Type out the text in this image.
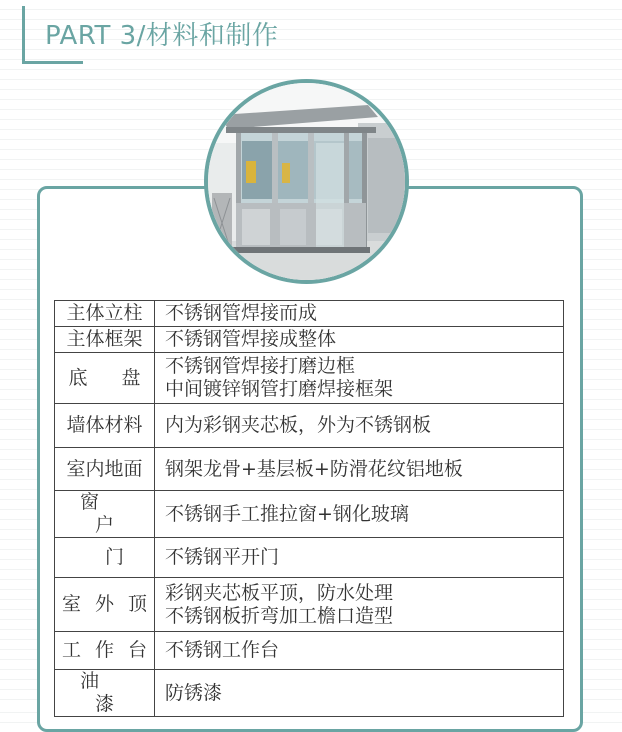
PART 3/材料和制作
主体立柱	不锈钢管焊接而成
主体框架	不锈钢管焊接成整体
底 盘	不锈钢管焊接打磨边框
中间镀锌钢管打磨焊接框架

墙体材料	内为彩钢夹芯板，外为不锈钢板
室内地面	钢架龙骨+基层板+防滑花纹铝地板
窗 户	不锈钢手工推拉窗+钢化玻璃
门	不锈钢平开门
室外顶	彩钢夹芯板平顶，防水处理
不锈钢板折弯加工檐口造型

工作台	不锈钢工作台
油 漆	防锈漆
